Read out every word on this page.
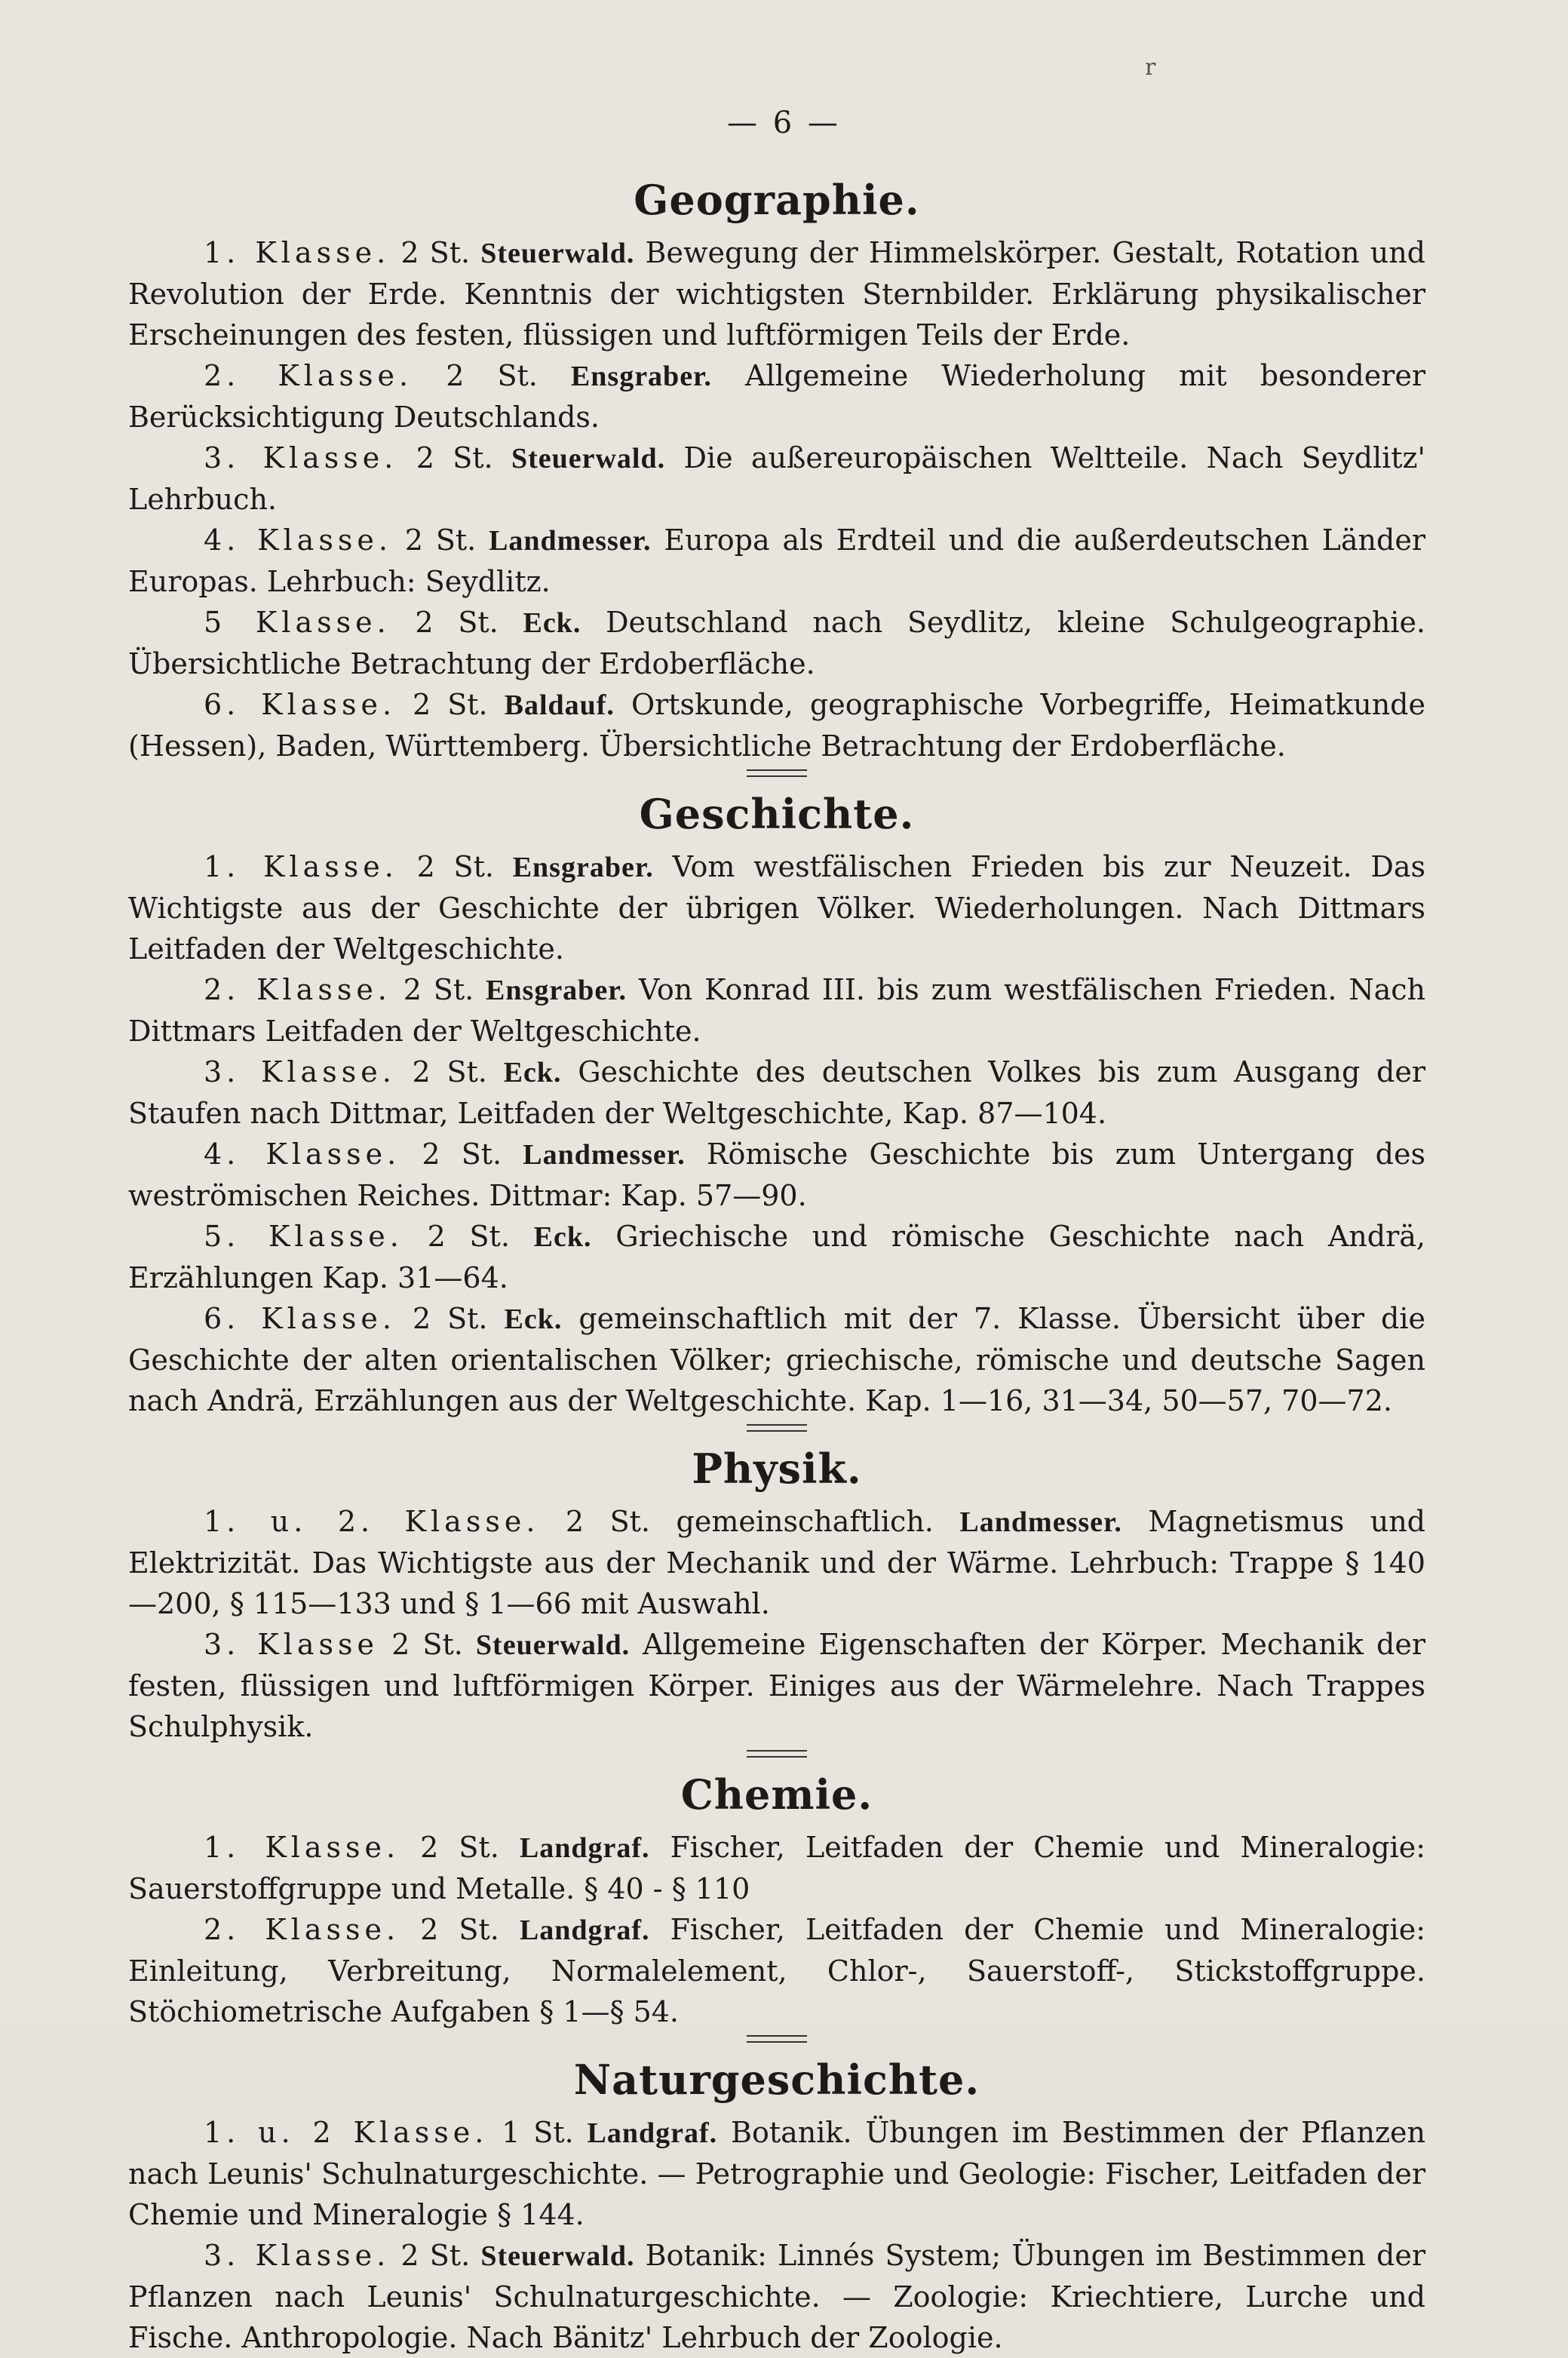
r
— 6 —
Geographie.

1. Klasse. 2 St. Steuerwald. Bewegung der Himmelskörper. Gestalt, Rotation und Revolution der Erde. Kenntnis der wichtigsten Sternbilder. Erklärung physikalischer Erscheinungen des festen, flüssigen und luftförmigen Teils der Erde.

2. Klasse. 2 St. Ensgraber. Allgemeine Wiederholung mit besonderer Berücksichtigung Deutschlands.

3. Klasse. 2 St. Steuerwald. Die außereuropäischen Weltteile. Nach Seydlitz' Lehrbuch.

4. Klasse. 2 St. Landmesser. Europa als Erdteil und die außerdeutschen Länder Europas. Lehrbuch: Seydlitz.

5 Klasse. 2 St. Eck. Deutschland nach Seydlitz, kleine Schulgeographie. Übersichtliche Betrachtung der Erdoberfläche.

6. Klasse. 2 St. Baldauf. Ortskunde, geographische Vorbegriffe, Heimatkunde (Hessen), Baden, Württemberg. Übersichtliche Betrachtung der Erdoberfläche.

Geschichte.

1. Klasse. 2 St. Ensgraber. Vom westfälischen Frieden bis zur Neuzeit. Das Wichtigste aus der Geschichte der übrigen Völker. Wiederholungen. Nach Dittmars Leitfaden der Weltgeschichte.

2. Klasse. 2 St. Ensgraber. Von Konrad III. bis zum westfälischen Frieden. Nach Dittmars Leitfaden der Weltgeschichte.

3. Klasse. 2 St. Eck. Geschichte des deutschen Volkes bis zum Ausgang der Staufen nach Dittmar, Leitfaden der Weltgeschichte, Kap. 87—104.

4. Klasse. 2 St. Landmesser. Römische Geschichte bis zum Untergang des weströmischen Reiches. Dittmar: Kap. 57—90.

5. Klasse. 2 St. Eck. Griechische und römische Geschichte nach Andrä, Erzählungen Kap. 31—64.

6. Klasse. 2 St. Eck. gemeinschaftlich mit der 7. Klasse. Übersicht über die Geschichte der alten orientalischen Völker; griechische, römische und deutsche Sagen nach Andrä, Erzählungen aus der Weltgeschichte. Kap. 1—16, 31—34, 50—57, 70—72.

Physik.

1. u. 2. Klasse. 2 St. gemeinschaftlich. Landmesser. Magnetismus und Elektrizität. Das Wichtigste aus der Mechanik und der Wärme. Lehrbuch: Trappe § 140—200, § 115—133 und § 1—66 mit Auswahl.

3. Klasse 2 St. Steuerwald. Allgemeine Eigenschaften der Körper. Mechanik der festen, flüssigen und luftförmigen Körper. Einiges aus der Wärmelehre. Nach Trappes Schulphysik.

Chemie.

1. Klasse. 2 St. Landgraf. Fischer, Leitfaden der Chemie und Mineralogie: Sauerstoffgruppe und Metalle. § 40 - § 110

2. Klasse. 2 St. Landgraf. Fischer, Leitfaden der Chemie und Mineralogie: Einleitung, Verbreitung, Normalelement, Chlor-, Sauerstoff-, Stickstoffgruppe. Stöchiometrische Aufgaben § 1—§ 54.

Naturgeschichte.

1. u. 2 Klasse. 1 St. Landgraf. Botanik. Übungen im Bestimmen der Pflanzen nach Leunis' Schulnaturgeschichte. — Petrographie und Geologie: Fischer, Leitfaden der Chemie und Mineralogie § 144.

3. Klasse. 2 St. Steuerwald. Botanik: Linnés System; Übungen im Bestimmen der Pflanzen nach Leunis' Schulnaturgeschichte. — Zoologie: Kriechtiere, Lurche und Fische. Anthropologie. Nach Bänitz' Lehrbuch der Zoologie.
